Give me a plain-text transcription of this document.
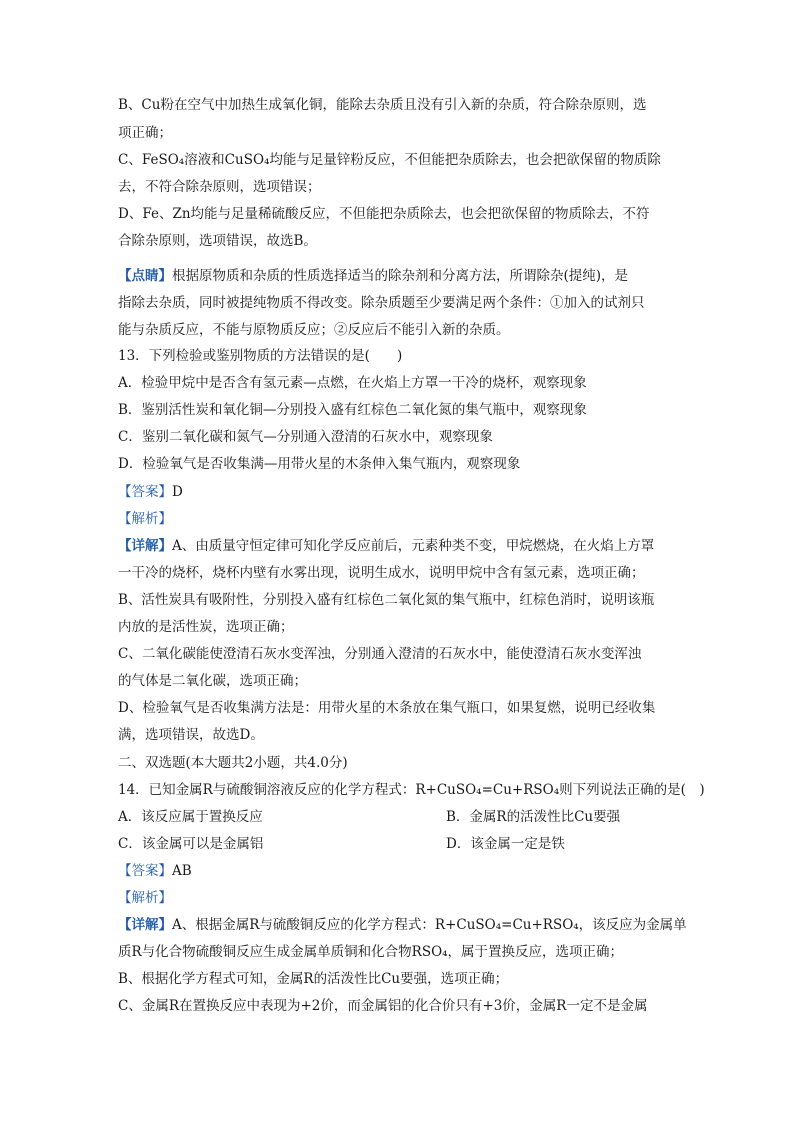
B、Cu粉在空气中加热生成氧化铜，能除去杂质且没有引入新的杂质，符合除杂原则，选
项正确；
C、FeSO₄溶液和CuSO₄均能与足量锌粉反应，不但能把杂质除去，也会把欲保留的物质除
去，不符合除杂原则，选项错误；
D、Fe、Zn均能与足量稀硫酸反应，不但能把杂质除去，也会把欲保留的物质除去，不符
合除杂原则，选项错误，故选B。
【点睛】根据原物质和杂质的性质选择适当的除杂剂和分离方法，所谓除杂(提纯)，是
指除去杂质，同时被提纯物质不得改变。除杂质题至少要满足两个条件：①加入的试剂只
能与杂质反应，不能与原物质反应；②反应后不能引入新的杂质。
13．下列检验或鉴别物质的方法错误的是(　　)
A．检验甲烷中是否含有氢元素—点燃，在火焰上方罩一干冷的烧杯，观察现象
B．鉴别活性炭和氧化铜—分别投入盛有红棕色二氧化氮的集气瓶中，观察现象
C．鉴别二氧化碳和氮气—分别通入澄清的石灰水中，观察现象
D．检验氧气是否收集满—用带火星的木条伸入集气瓶内，观察现象
【答案】D
【解析】
【详解】A、由质量守恒定律可知化学反应前后，元素种类不变，甲烷燃烧，在火焰上方罩
一干冷的烧杯，烧杯内壁有水雾出现，说明生成水，说明甲烷中含有氢元素，选项正确；
B、活性炭具有吸附性，分别投入盛有红棕色二氧化氮的集气瓶中，红棕色消时，说明该瓶
内放的是活性炭，选项正确；
C、二氧化碳能使澄清石灰水变浑浊，分别通入澄清的石灰水中，能使澄清石灰水变浑浊
的气体是二氧化碳，选项正确；
D、检验氧气是否收集满方法是：用带火星的木条放在集气瓶口，如果复燃，说明已经收集
满，选项错误，故选D。
二、双选题(本大题共2小题，共4.0分)
14．已知金属R与硫酸铜溶液反应的化学方程式：R+CuSO₄=Cu+RSO₄则下列说法正确的是(　)
A．该反应属于置换反应	B．金属R的活泼性比Cu要强
C．该金属可以是金属铝	D．该金属一定是铁
【答案】AB
【解析】
【详解】A、根据金属R与硫酸铜反应的化学方程式：R+CuSO₄=Cu+RSO₄，该反应为金属单
质R与化合物硫酸铜反应生成金属单质铜和化合物RSO₄，属于置换反应，选项正确；
B、根据化学方程式可知，金属R的活泼性比Cu要强，选项正确；
C、金属R在置换反应中表现为+2价，而金属铝的化合价只有+3价，金属R一定不是金属
